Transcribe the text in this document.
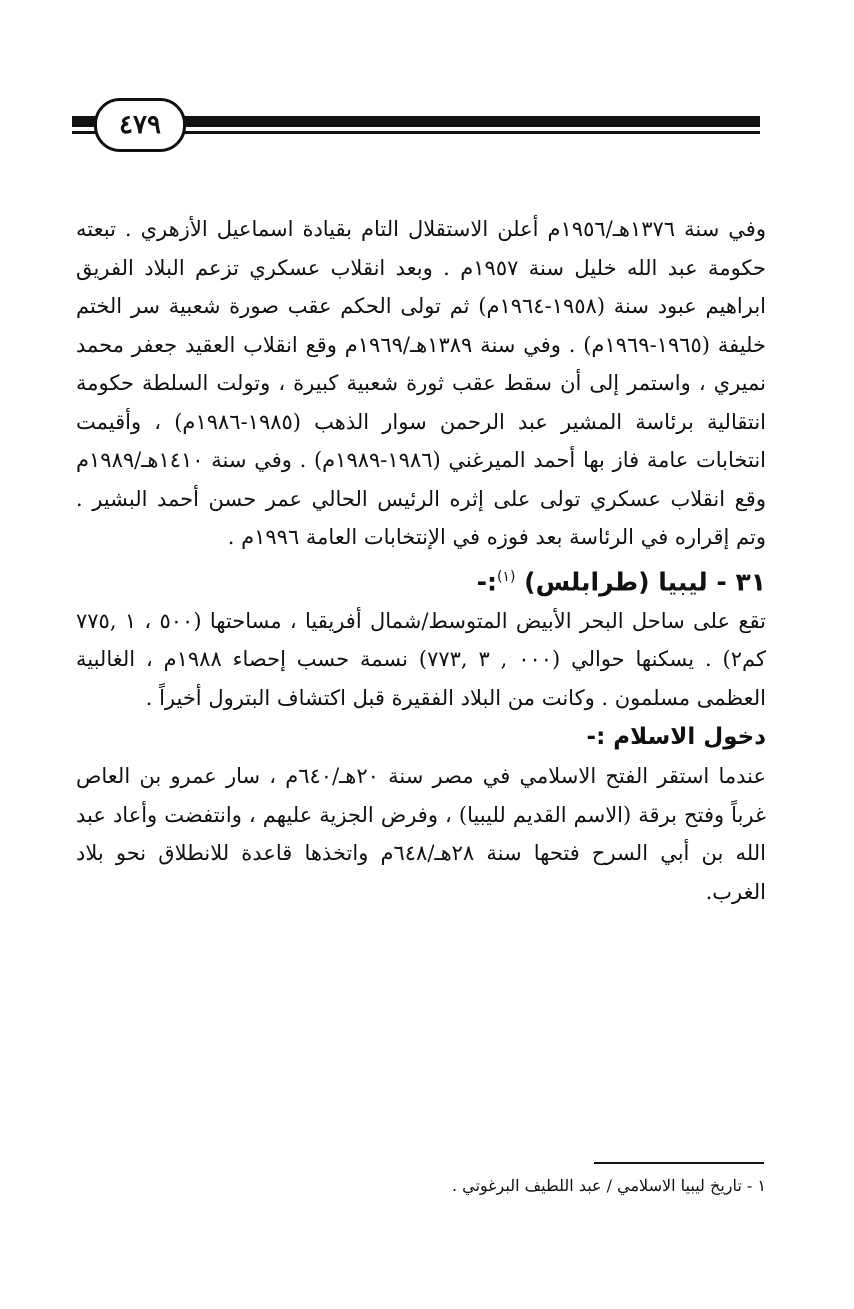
٤٧٩

وفي سنة ١٣٧٦هـ/١٩٥٦م أعلن الاستقلال التام بقيادة اسماعيل الأزهري . تبعته حكومة عبد الله خليل سنة ١٩٥٧م . وبعد انقلاب عسكري تزعم البلاد الفريق ابراهيم عبود سنة (١٩٥٨-١٩٦٤م) ثم تولى الحكم عقب صورة شعبية سر الختم خليفة (١٩٦٥-١٩٦٩م) . وفي سنة ١٣٨٩هـ/١٩٦٩م وقع انقلاب العقيد جعفر محمد نميري ، واستمر إلى أن سقط عقب ثورة شعبية كبيرة ، وتولت السلطة حكومة انتقالية برئاسة المشير عبد الرحمن سوار الذهب (١٩٨٥-١٩٨٦م) ، وأقيمت انتخابات عامة فاز بها أحمد الميرغني (١٩٨٦-١٩٨٩م) . وفي سنة ١٤١٠هـ/١٩٨٩م وقع انقلاب عسكري تولى على إثره الرئيس الحالي عمر حسن أحمد البشير . وتم إقراره في الرئاسة بعد فوزه في الإنتخابات العامة ١٩٩٦م .

٣١ - ليبيا (طرابلس) $^{(١)}$:-

تقع على ساحل البحر الأبيض المتوسط/شمال أفريقيا ، مساحتها (٥٠٠ ، ١ ,٧٧٥ كم٢) . يسكنها حوالي (٠٠٠ , ٣ ,٧٧٣) نسمة حسب إحصاء ١٩٨٨م ، الغالبية العظمى مسلمون . وكانت من البلاد الفقيرة قبل اكتشاف البترول أخيراً .

دخول الاسلام :-

عندما استقر الفتح الاسلامي في مصر سنة ٢٠هـ/٦٤٠م ، سار عمرو بن العاص غرباً وفتح برقة (الاسم القديم لليبيا) ، وفرض الجزية عليهم ، وانتفضت وأعاد عبد الله بن أبي السرح فتحها سنة ٢٨هـ/٦٤٨م واتخذها قاعدة للانطلاق نحو بلاد الغرب.

١ - تاريخ ليبيا الاسلامي / عبد اللطيف البرغوتي .
